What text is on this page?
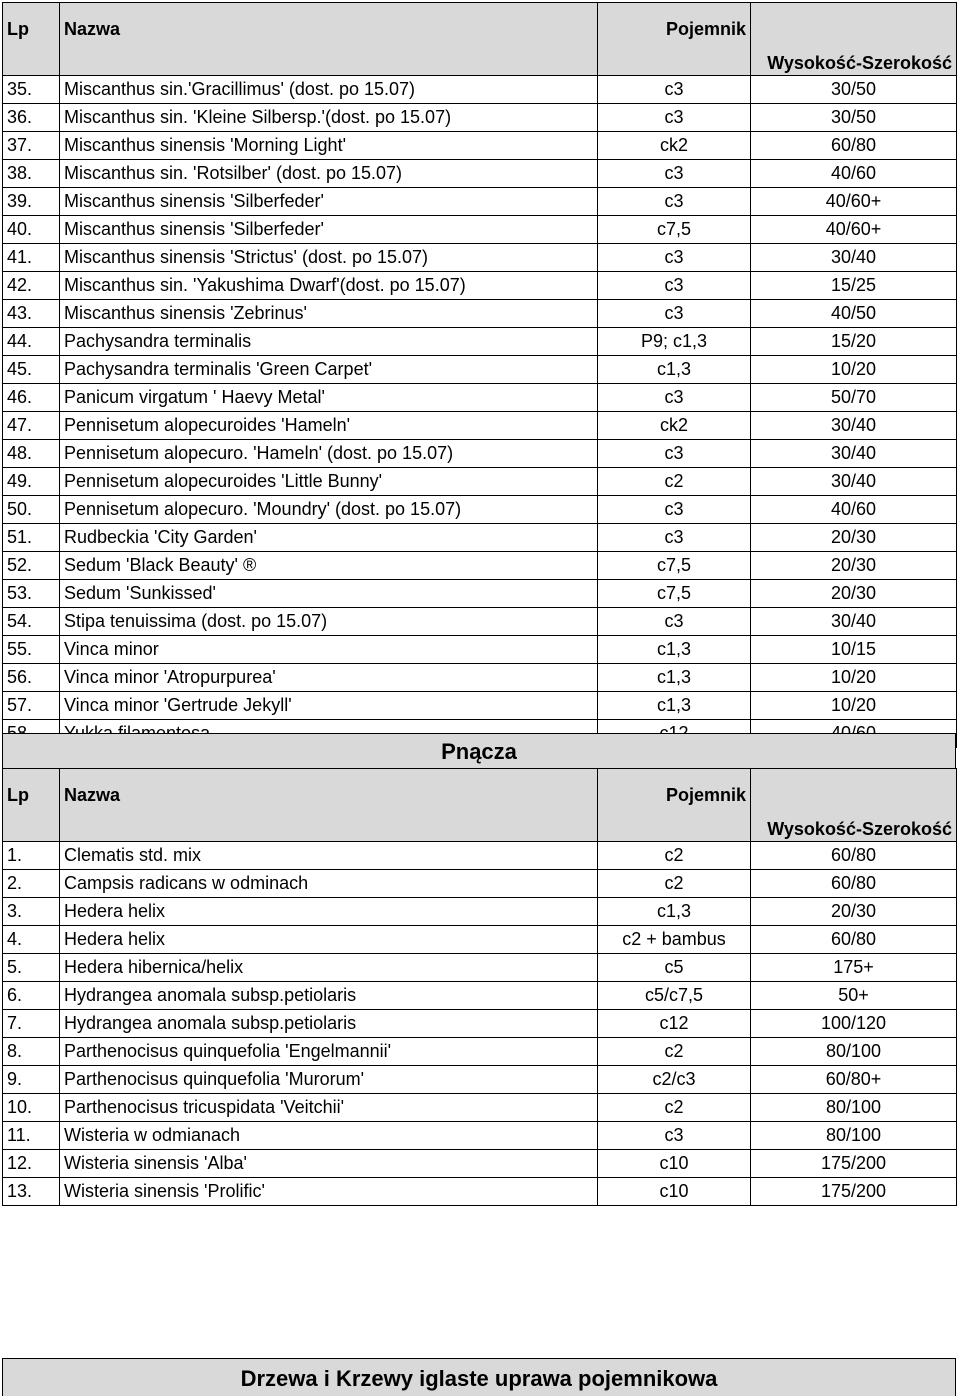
Lp	Nazwa	Pojemnik	Wysokość-Szerokość
35.	Miscanthus sin.'Gracillimus' (dost. po 15.07)	c3	30/50
36.	Miscanthus sin. 'Kleine Silbersp.'(dost. po 15.07)	c3	30/50
37.	Miscanthus sinensis 'Morning Light'	ck2	60/80
38.	Miscanthus sin. 'Rotsilber' (dost. po 15.07)	c3	40/60
39.	Miscanthus sinensis 'Silberfeder'	c3	40/60+
40.	Miscanthus sinensis 'Silberfeder'	c7,5	40/60+
41.	Miscanthus sinensis 'Strictus' (dost. po 15.07)	c3	30/40
42.	Miscanthus sin. 'Yakushima Dwarf'(dost. po 15.07)	c3	15/25
43.	Miscanthus sinensis 'Zebrinus'	c3	40/50
44.	Pachysandra terminalis	P9; c1,3	15/20
45.	Pachysandra terminalis 'Green Carpet'	c1,3	10/20
46.	Panicum virgatum ' Haevy Metal'	c3	50/70
47.	Pennisetum alopecuroides 'Hameln'	ck2	30/40
48.	Pennisetum alopecuro. 'Hameln' (dost. po 15.07)	c3	30/40
49.	Pennisetum alopecuroides 'Little Bunny'	c2	30/40
50.	Pennisetum alopecuro. 'Moundry' (dost. po 15.07)	c3	40/60
51.	Rudbeckia 'City Garden'	c3	20/30
52.	Sedum 'Black Beauty' ®	c7,5	20/30
53.	Sedum 'Sunkissed'	c7,5	20/30
54.	Stipa tenuissima (dost. po 15.07)	c3	30/40
55.	Vinca minor	c1,3	10/15
56.	Vinca minor 'Atropurpurea'	c1,3	10/20
57.	Vinca minor 'Gertrude Jekyll'	c1,3	10/20

Pnącza
Lp	Nazwa	Pojemnik	Wysokość-Szerokość
1.	Clematis std. mix	c2	60/80
2.	Campsis radicans w odminach	c2	60/80
3.	Hedera helix	c1,3	20/30
4.	Hedera helix	c2 + bambus	60/80
5.	Hedera hibernica/helix	c5	175+
6.	Hydrangea anomala subsp.petiolaris	c5/c7,5	50+
7.	Hydrangea anomala subsp.petiolaris	c12	100/120
8.	Parthenocisus quinquefolia 'Engelmannii'	c2	80/100
9.	Parthenocisus quinquefolia 'Murorum'	c2/c3	60/80+
10.	Parthenocisus tricuspidata 'Veitchii'	c2	80/100
11.	Wisteria w odmianach	c3	80/100
12.	Wisteria sinensis 'Alba'	c10	175/200
13.	Wisteria sinensis 'Prolific'	c10	175/200
Drzewa i Krzewy iglaste uprawa pojemnikowa
